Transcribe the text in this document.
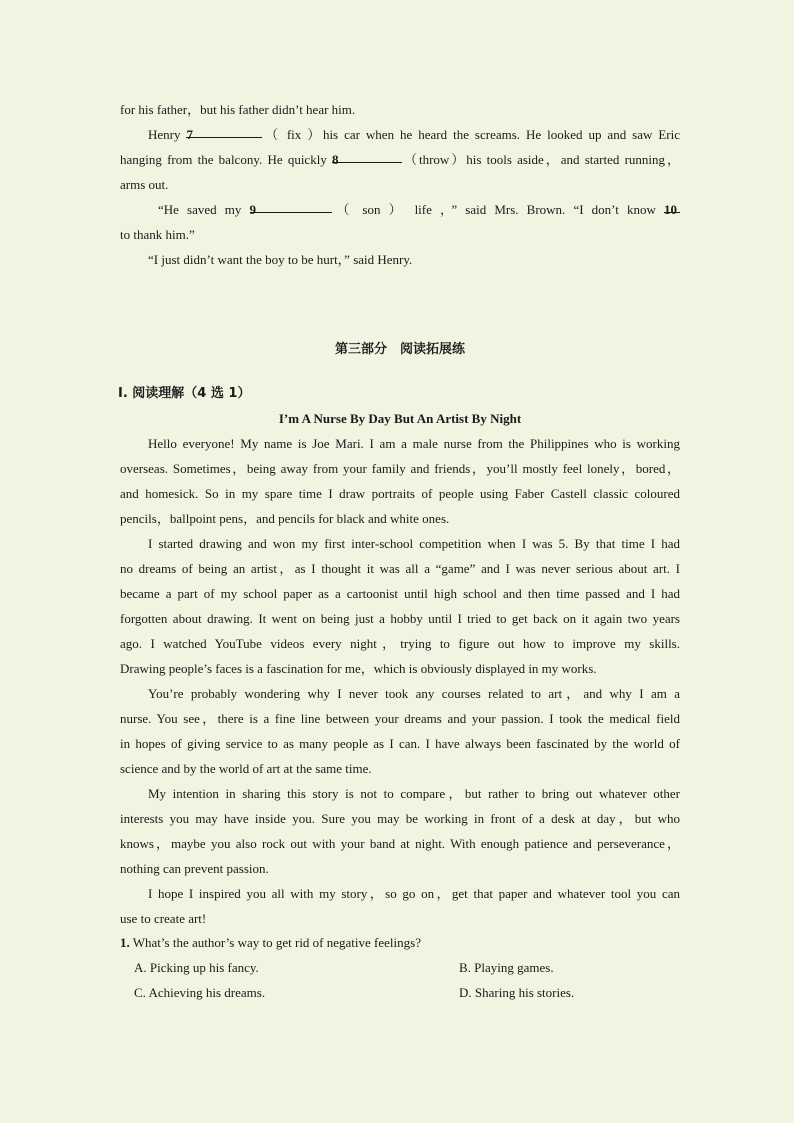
for his father，but his father didn’t hear him.
Henry 7	（ fix ）his car when he heard the screams. He looked up and saw Eric
hanging from the balcony. He quickly 8	（throw）his tools aside，and started running，
arms out.
“He saved my 9	（ son ） life ，” said Mrs. Brown. “I don’t know 10
to thank him.”
“I just didn’t want the boy to be hurt，” said Henry.
第三部分　阅读拓展练
Ⅰ. 阅读理解（4 选 1）
I’m A Nurse By Day But An Artist By Night
Hello everyone! My name is Joe Mari. I am a male nurse from the Philippines who is working
overseas. Sometimes，being away from your family and friends，you’ll mostly feel lonely，bored，
and homesick. So in my spare time I draw portraits of people using Faber Castell classic coloured
pencils，ballpoint pens，and pencils for black and white ones.
I started drawing and won my first inter-school competition when I was 5. By that time I had
no dreams of being an artist，as I thought it was all a “game” and I was never serious about art. I
became a part of my school paper as a cartoonist until high school and then time passed and I had
forgotten about drawing. It went on being just a hobby until I tried to get back on it again two years
ago. I watched YouTube videos every night，trying to figure out how to improve my skills.
Drawing people’s faces is a fascination for me，which is obviously displayed in my works.
You’re probably wondering why I never took any courses related to art，and why I am a
nurse. You see，there is a fine line between your dreams and your passion. I took the medical field
in hopes of giving service to as many people as I can. I have always been fascinated by the world of
science and by the world of art at the same time.
My intention in sharing this story is not to compare，but rather to bring out whatever other
interests you may have inside you. Sure you may be working in front of a desk at day，but who
knows，maybe you also rock out with your band at night. With enough patience and perseverance，
nothing can prevent passion.
I hope I inspired you all with my story，so go on，get that paper and whatever tool you can
use to create art!
1. What’s the author’s way to get rid of negative feelings?
A. Picking up his fancy.	B. Playing games.
C. Achieving his dreams.	D. Sharing his stories.
